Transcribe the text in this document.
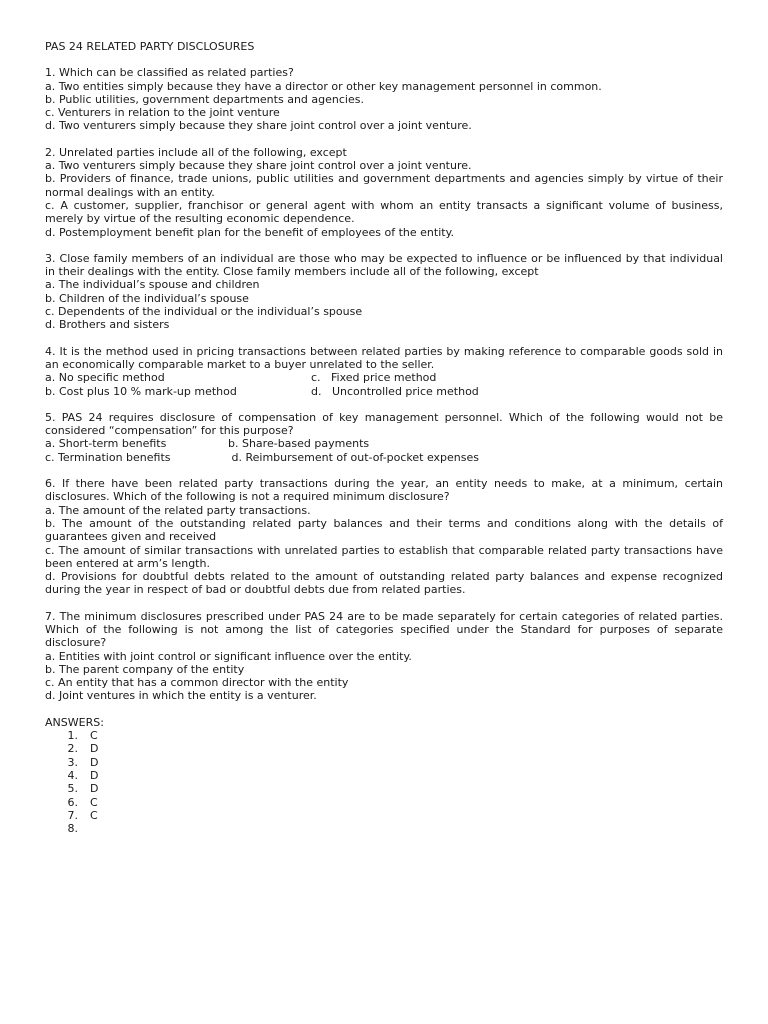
PAS 24 RELATED PARTY DISCLOSURES
1. Which can be classified as related parties?
a. Two entities simply because they have a director or other key management personnel in common.
b. Public utilities, government departments and agencies.
c. Venturers in relation to the joint venture
d. Two venturers simply because they share joint control over a joint venture.
2. Unrelated parties include all of the following, except
a. Two venturers simply because they share joint control over a joint venture.
b. Providers of finance, trade unions, public utilities and government departments and agencies simply by virtue of their normal dealings with an entity.
c. A customer, supplier, franchisor or general agent with whom an entity transacts a significant volume of business, merely by virtue of the resulting economic dependence.
d. Postemployment benefit plan for the benefit of employees of the entity.
3. Close family members of an individual are those who may be expected to influence or be influenced by that individual in their dealings with the entity. Close family members include all of the following, except
a. The individual’s spouse and children
b. Children of the individual’s spouse
c. Dependents of the individual or the individual’s spouse
d. Brothers and sisters
4. It is the method used in pricing transactions between related parties by making reference to comparable goods sold in an economically comparable market to a buyer unrelated to the seller.
a. No specific method	c.   Fixed price method
b. Cost plus 10 % mark-up method	d.   Uncontrolled price method
5. PAS 24 requires disclosure of compensation of key management personnel. Which of the following would not be considered “compensation” for this purpose?
a. Short-term benefits	b. Share-based payments
c. Termination benefits	d. Reimbursement of out-of-pocket expenses
6. If there have been related party transactions during the year, an entity needs to make, at a minimum, certain disclosures. Which of the following is not a required minimum disclosure?
a. The amount of the related party transactions.
b. The amount of the outstanding related party balances and their terms and conditions along with the details of guarantees given and received
c. The amount of similar transactions with unrelated parties to establish that comparable related party transactions have been entered at arm’s length.
d. Provisions for doubtful debts related to the amount of outstanding related party balances and expense recognized during the year in respect of bad or doubtful debts due from related parties.
7. The minimum disclosures prescribed under PAS 24 are to be made separately for certain categories of related parties. Which of the following is not among the list of categories specified under the Standard for purposes of separate disclosure?
a. Entities with joint control or significant influence over the entity.
b. The parent company of the entity
c. An entity that has a common director with the entity
d. Joint ventures in which the entity is a venturer.
ANSWERS:
1.	C
2.	D
3.	D
4.	D
5.	D
6.	C
7.	C
8.
